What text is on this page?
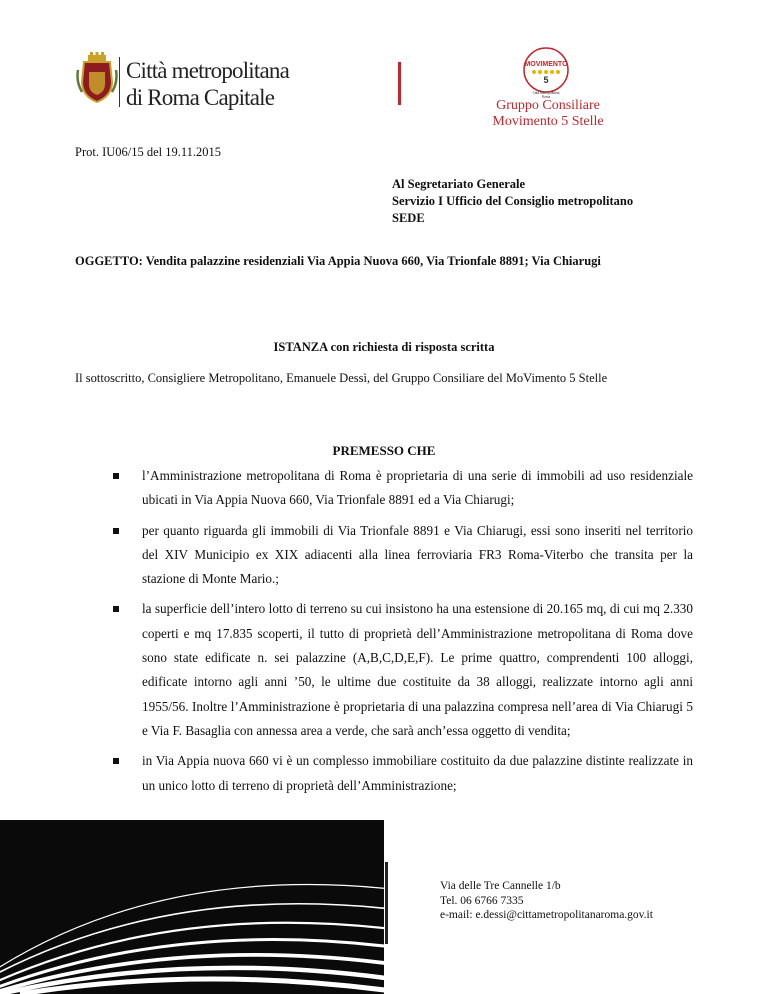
Città metropolitana
di Roma Capitale
MOVIMENTO
5
Città Metropolitana
Roma
Gruppo Consiliare
Movimento 5 Stelle
Prot. IU06/15 del 19.11.2015
Al Segretariato Generale
Servizio I Ufficio del Consiglio metropolitano
SEDE
OGGETTO: Vendita palazzine residenziali Via Appia Nuova 660, Via Trionfale 8891; Via Chiarugi
ISTANZA con richiesta di risposta scritta
Il sottoscritto, Consigliere Metropolitano, Emanuele Dessì, del Gruppo Consiliare del MoVimento 5 Stelle
PREMESSO CHE
l’Amministrazione metropolitana di Roma è proprietaria di una serie di immobili ad uso residenziale ubicati in Via Appia Nuova 660, Via Trionfale 8891 ed a Via Chiarugi;
per quanto riguarda gli immobili di Via Trionfale 8891 e Via Chiarugi, essi sono inseriti nel territorio del XIV Municipio ex XIX adiacenti alla linea ferroviaria FR3 Roma-Viterbo che transita per la stazione di Monte Mario.;
la superficie dell’intero lotto di terreno su cui insistono ha una estensione di 20.165 mq, di cui mq 2.330 coperti e mq 17.835 scoperti, il tutto di proprietà dell’Amministrazione metropolitana di Roma dove sono state edificate n. sei palazzine (A,B,C,D,E,F). Le prime quattro, comprendenti 100 alloggi, edificate intorno agli anni ’50, le ultime due costituite da 38 alloggi, realizzate intorno agli anni 1955/56. Inoltre l’Amministrazione è proprietaria di una palazzina compresa nell’area di Via Chiarugi 5 e Via F. Basaglia con annessa area a verde, che sarà anch’essa oggetto di vendita;
in Via Appia nuova 660 vi è un complesso immobiliare costituito da due palazzine distinte realizzate in un unico lotto di terreno di proprietà dell’Amministrazione;
Via delle Tre Cannelle 1/b
Tel. 06 6766 7335
e-mail: e.dessi@cittametropolitanaroma.gov.it
